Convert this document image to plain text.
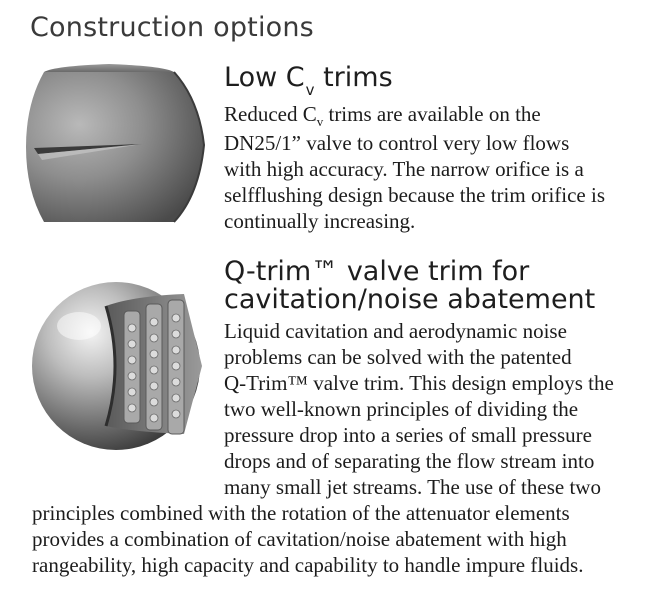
Construction options
Low $C_v$ trims
Reduced $C_v$ trims are available on the
DN25/1” valve to control very low flows
with high accuracy. The narrow orifice is a
selfflushing design because the trim orifice is
continually increasing.
Q-trim™ valve trim for
cavitation/noise abatement
Liquid cavitation and aerodynamic noise
problems can be solved with the patented
Q-Trim™ valve trim. This design employs the
two well-known principles of dividing the
pressure drop into a series of small pressure
drops and of separating the flow stream into
many small jet streams. The use of these two
principles combined with the rotation of the attenuator elements
provides a combination of cavitation/noise abatement with high
rangeability, high capacity and capability to handle impure fluids.
